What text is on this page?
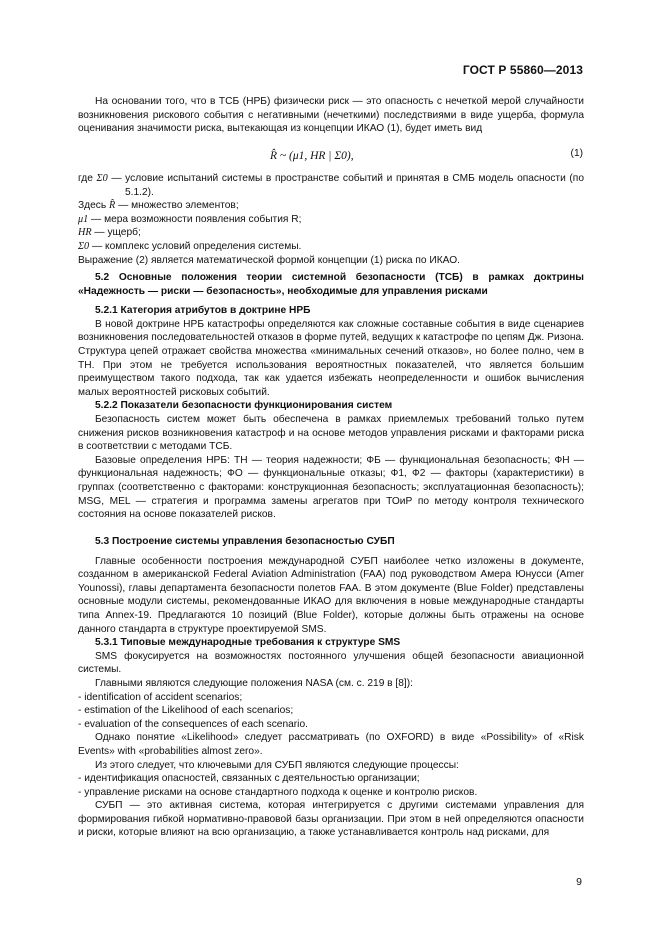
ГОСТ Р 55860—2013

На основании того, что в ТСБ (НРБ) физически риск — это опасность с нечеткой мерой случайности возникновения рискового события с негативными (нечеткими) последствиями в виде ущерба, формула оценивания значимости риска, вытекающая из концепции ИКАО (1), будет иметь вид

R̂ ~ (μ1, HR | Σ0),	(1)

где Σ0 — условие испытаний системы в пространстве событий и принятая в СМБ модель опасности (по 5.1.2).

Здесь R̂ — множество элементов;

μ1 — мера возможности появления события R;

HR — ущерб;

Σ0 — комплекс условий определения системы.

Выражение (2) является математической формой концепции (1) риска по ИКАО.

5.2 Основные положения теории системной безопасности (ТСБ) в рамках доктрины «Надежность — риски — безопасность», необходимые для управления рисками

5.2.1 Категория атрибутов в доктрине НРБ

В новой доктрине НРБ катастрофы определяются как сложные составные события в виде сценариев возникновения последовательностей отказов в форме путей, ведущих к катастрофе по цепям Дж. Ризона. Структура цепей отражает свойства множества «минимальных сечений отказов», но более полно, чем в ТН. При этом не требуется использования вероятностных показателей, что является большим преимуществом такого подхода, так как удается избежать неопределенности и ошибок вычисления малых вероятностей рисковых событий.

5.2.2 Показатели безопасности функционирования систем

Безопасность систем может быть обеспечена в рамках приемлемых требований только путем снижения рисков возникновения катастроф и на основе методов управления рисками и факторами риска в соответствии с методами ТСБ.

Базовые определения НРБ: ТН — теория надежности; ФБ — функциональная безопасность; ФН — функциональная надежность; ФО — функциональные отказы; Ф1, Ф2 — факторы (характеристики) в группах (соответственно с факторами: конструкционная безопасность; эксплуатационная безопасность); MSG, MEL — стратегия и программа замены агрегатов при ТОиР по методу контроля технического состояния на основе показателей рисков.

5.3 Построение системы управления безопасностью СУБП

Главные особенности построения международной СУБП наиболее четко изложены в документе, созданном в американской Federal Aviation Administration (FAA) под руководством Амера Юнусси (Amer Younossi), главы департамента безопасности полетов FAA. В этом документе (Blue Folder) представлены основные модули системы, рекомендованные ИКАО для включения в новые международные стандарты типа Annex-19. Предлагаются 10 позиций (Blue Folder), которые должны быть отражены на основе данного стандарта в структуре проектируемой SMS.

5.3.1 Типовые международные требования к структуре SMS

SMS фокусируется на возможностях постоянного улучшения общей безопасности авиационной системы.

Главными являются следующие положения NASA (см. с. 219 в [8]):

- identification of accident scenarios;

- estimation of the Likelihood of each scenarios;

- evaluation of the consequences of each scenario.

Однако понятие «Likelihood» следует рассматривать (по OXFORD) в виде «Possibility» of «Risk Events» with «probabilities almost zero».

Из этого следует, что ключевыми для СУБП являются следующие процессы:

- идентификация опасностей, связанных с деятельностью организации;

- управление рисками на основе стандартного подхода к оценке и контролю рисков.

СУБП — это активная система, которая интегрируется с другими системами управления для формирования гибкой нормативно-правовой базы организации. При этом в ней определяются опасности и риски, которые влияют на всю организацию, а также устанавливается контроль над рисками, для

9
